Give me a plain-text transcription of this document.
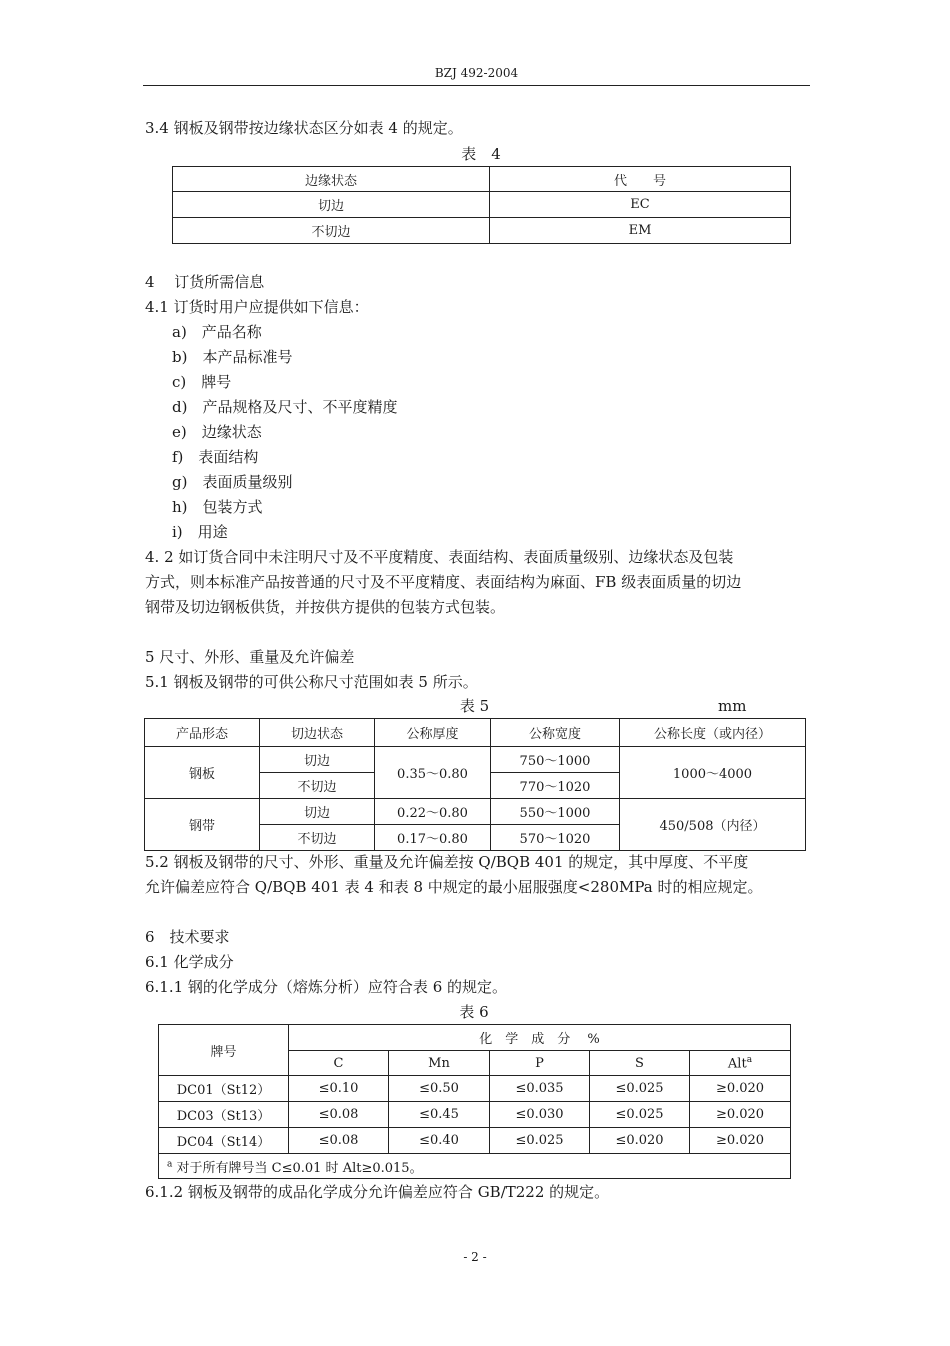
BZJ 492-2004
3.4 钢板及钢带按边缘状态区分如表 4 的规定。
表　4
边缘状态	代　　号
切边	EC
不切边	EM
4　 订货所需信息
4.1 订货时用户应提供如下信息：
a)　产品名称
b)　本产品标准号
c)　牌号
d)　产品规格及尺寸、不平度精度
e)　边缘状态
f)　表面结构
g)　表面质量级别
h)　包装方式
i)　用途
4. 2 如订货合同中未注明尺寸及不平度精度、表面结构、表面质量级别、边缘状态及包装
方式，则本标准产品按普通的尺寸及不平度精度、表面结构为麻面、FB 级表面质量的切边
钢带及切边钢板供货，并按供方提供的包装方式包装。
5 尺寸、外形、重量及允许偏差
5.1 钢板及钢带的可供公称尺寸范围如表 5 所示。
表 5	mm
产品形态	切边状态	公称厚度	公称宽度	公称长度（或内径）
钢板	切边	0.35～0.80	750～1000	1000～4000
	不切边		770～1020	
钢带	切边	0.22～0.80	550～1000	450/508（内径）
	不切边	0.17～0.80	570～1020	
5.2 钢板及钢带的尺寸、外形、重量及允许偏差按 Q/BQB 401 的规定，其中厚度、不平度
允许偏差应符合 Q/BQB 401 表 4 和表 8 中规定的最小屈服强度<280MPa 时的相应规定。
6　技术要求
6.1 化学成分
6.1.1 钢的化学成分（熔炼分析）应符合表 6 的规定。
表 6
牌号	化　学　成　分　 %				
	C	Mn	P	S	Alt$^a$
DC01（St12）	≤0.10	≤0.50	≤0.035	≤0.025	≥0.020
DC03（St13）	≤0.08	≤0.45	≤0.030	≤0.025	≥0.020
DC04（St14）	≤0.08	≤0.40	≤0.025	≤0.020	≥0.020
$^a$ 对于所有牌号当 C≤0.01 时 Alt≥0.015。					
6.1.2 钢板及钢带的成品化学成分允许偏差应符合 GB/T222 的规定。
- 2 -
